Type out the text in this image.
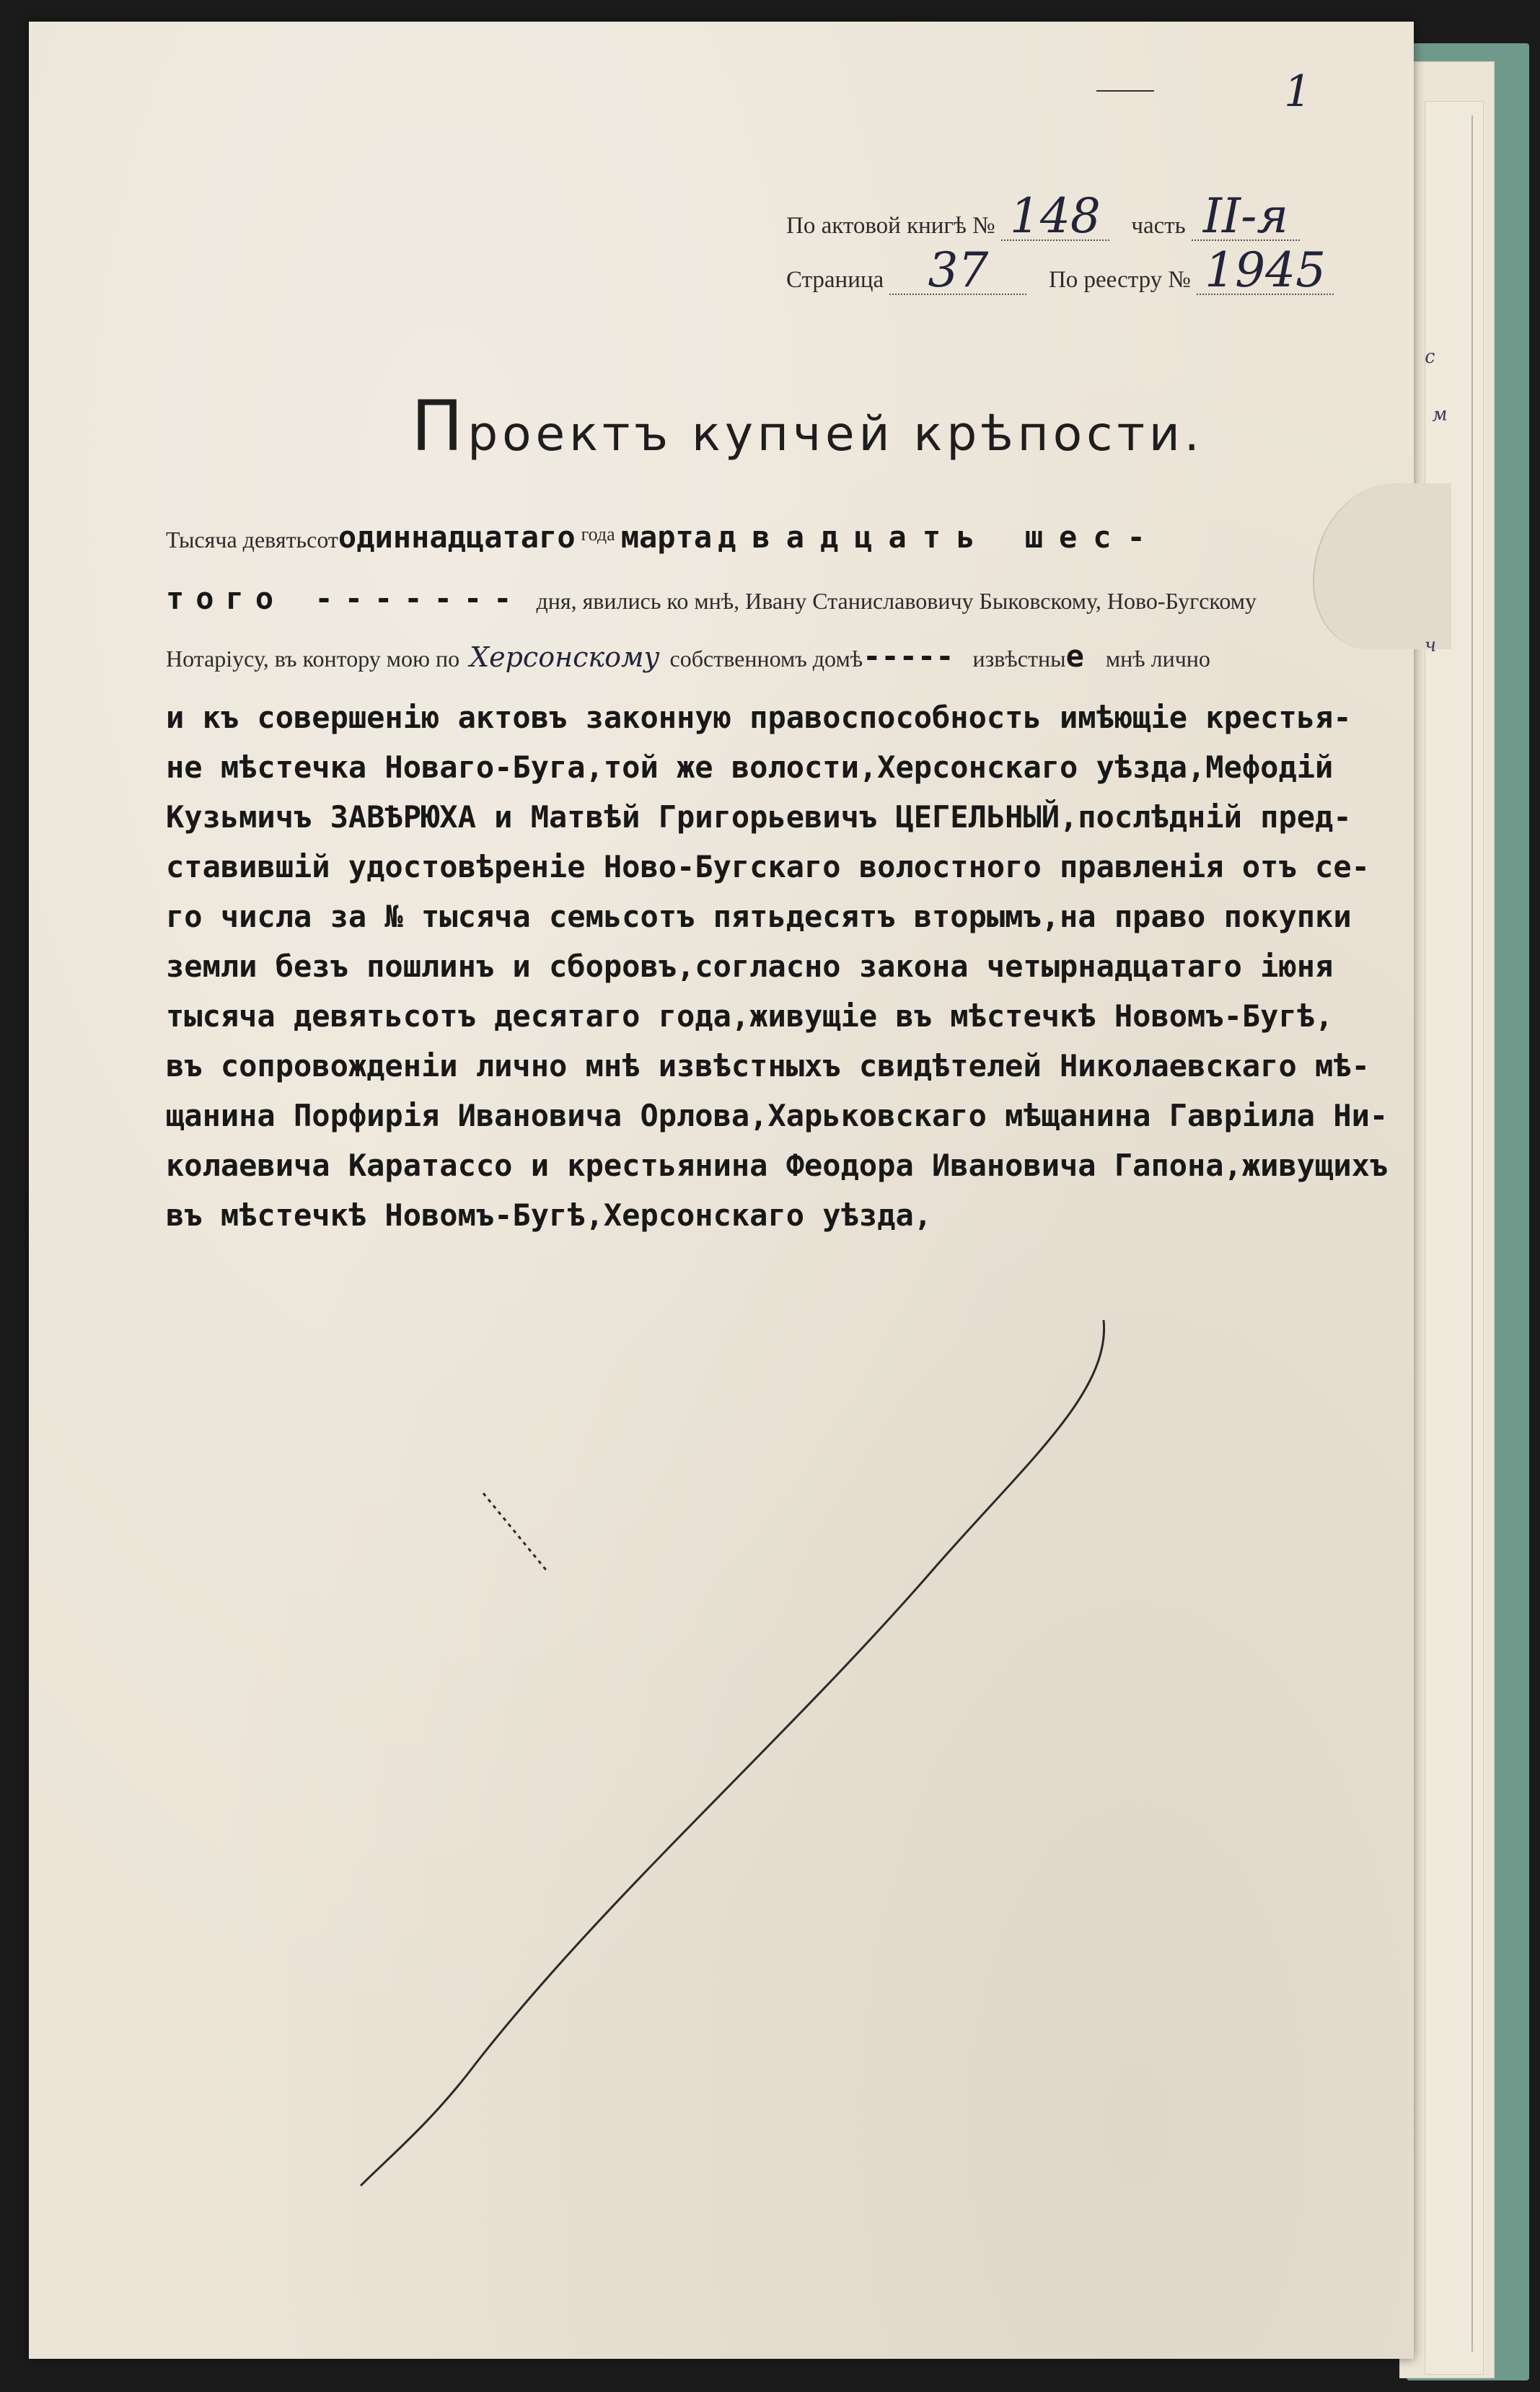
1
По актовой книгѣ № 148	часть II-я

Страница 37	По реестру № 1945

Проектъ купчей крѣпости.
Тысяча девятьсотодиннадцатаго $^{года}$ марта двадцать шес-
того ------- дня, явились ко мнѣ, Ивану Станиславовичу Быковскому, Ново-Бугскому
Нотаріусу, въ контору мою по Херсонскому собственномъ домѣ----- извѣстные мнѣ лично
и къ совершенію актовъ законную правоспособность имѣющіе крестья-
не мѣстечка Новаго-Буга,той же волости,Херсонскаго уѣзда,Мефодій
Кузьмичъ ЗАВѢРЮХА и Матвѣй Григорьевичъ ЦЕГЕЛЬНЫЙ,послѣдній пред-
ставившій удостовѣреніе Ново-Бугскаго волостного правленія отъ се-
го числа за № тысяча семьсотъ пятьдесятъ вторымъ,на право покупки
земли безъ пошлинъ и сборовъ,согласно закона четырнадцатаго іюня
тысяча девятьсотъ десятаго года,живущіе въ мѣстечкѣ Новомъ-Бугѣ,
въ сопровожденіи лично мнѣ извѣстныхъ свидѣтелей Николаевскаго мѣ-
щанина Порфирія Ивановича Орлова,Харьковскаго мѣщанина Гавріила Ни-
колаевича Каратассо и крестьянина Феодора Ивановича Гапона,живущихъ
въ мѣстечкѣ Новомъ-Бугѣ,Херсонскаго уѣзда,
с
м
ч
